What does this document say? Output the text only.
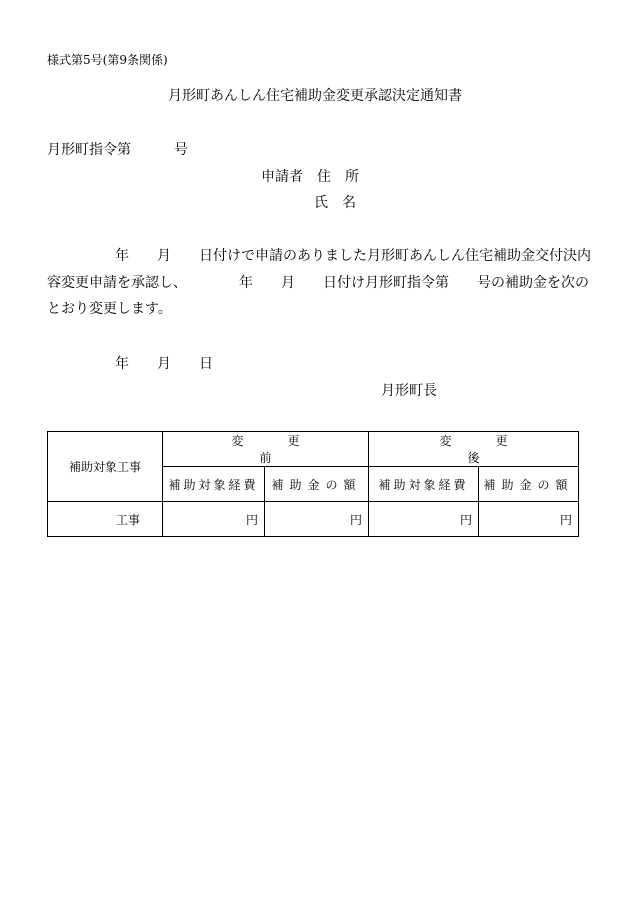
様式第5号(第9条関係)
月形町あんしん住宅補助金変更承認決定通知書
月形町指令第	号
申請者 住　所
氏　名
年 月 日付けで申請のありました月形町あんしん住宅補助金交付決内
容変更申請を承認し、	年 月 日付け月形町指令第 号の補助金を次の
とおり変更します。
年 月 日
月形町長
補助対象工事	変更前		変更後	
	補助対象経費	補助金の額	補助対象経費	補助金の額
工事	円	円	円	円
